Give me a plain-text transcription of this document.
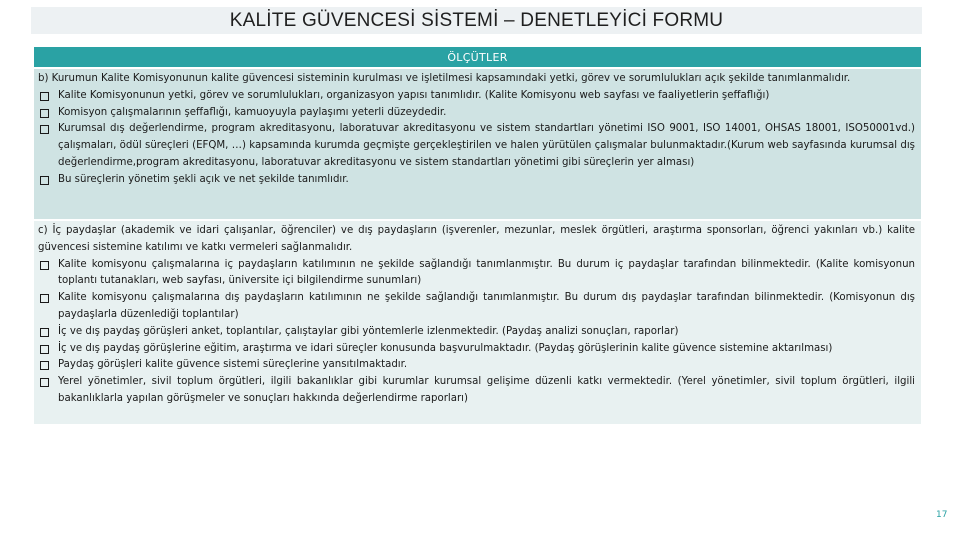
KALİTE GÜVENCESİ SİSTEMİ – DENETLEYİCİ FORMU
ÖLÇÜTLER
b) Kurumun Kalite Komisyonunun kalite güvencesi sisteminin kurulması ve işletilmesi kapsamındaki yetki, görev ve sorumlulukları açık şekilde tanımlanmalıdır.
Kalite Komisyonunun yetki, görev ve sorumlulukları, organizasyon yapısı tanımlıdır. (Kalite Komisyonu web sayfası ve faaliyetlerin şeffaflığı)
Komisyon çalışmalarının şeffaflığı, kamuoyuyla paylaşımı yeterli düzeydedir.
Kurumsal dış değerlendirme, program akreditasyonu, laboratuvar akreditasyonu ve sistem standartları yönetimi ISO 9001, ISO 14001, OHSAS 18001, ISO50001vd.) çalışmaları, ödül süreçleri (EFQM, …) kapsamında kurumda geçmişte gerçekleştirilen ve halen yürütülen çalışmalar bulunmaktadır.(Kurum web sayfasında kurumsal dış değerlendirme,program akreditasyonu, laboratuvar akreditasyonu ve sistem standartları yönetimi gibi süreçlerin yer alması)
Bu süreçlerin yönetim şekli açık ve net şekilde tanımlıdır.
c) İç paydaşlar (akademik ve idari çalışanlar, öğrenciler) ve dış paydaşların (işverenler, mezunlar, meslek örgütleri, araştırma sponsorları, öğrenci yakınları vb.) kalite güvencesi sistemine katılımı ve katkı vermeleri sağlanmalıdır.
Kalite komisyonu çalışmalarına iç paydaşların katılımının ne şekilde sağlandığı tanımlanmıştır. Bu durum iç paydaşlar tarafından bilinmektedir. (Kalite komisyonun toplantı tutanakları, web sayfası, üniversite içi bilgilendirme sunumları)
Kalite komisyonu çalışmalarına dış paydaşların katılımının ne şekilde sağlandığı tanımlanmıştır. Bu durum dış paydaşlar tarafından bilinmektedir. (Komisyonun dış paydaşlarla düzenlediği toplantılar)
İç ve dış paydaş görüşleri anket, toplantılar, çalıştaylar gibi yöntemlerle izlenmektedir. (Paydaş analizi sonuçları, raporlar)
İç ve dış paydaş görüşlerine eğitim, araştırma ve idari süreçler konusunda başvurulmaktadır. (Paydaş görüşlerinin kalite güvence sistemine aktarılması)
Paydaş görüşleri kalite güvence sistemi süreçlerine yansıtılmaktadır.
Yerel yönetimler, sivil toplum örgütleri, ilgili bakanlıklar gibi kurumlar kurumsal gelişime düzenli katkı vermektedir. (Yerel yönetimler, sivil toplum örgütleri, ilgili bakanlıklarla yapılan görüşmeler ve sonuçları hakkında değerlendirme raporları)
17
